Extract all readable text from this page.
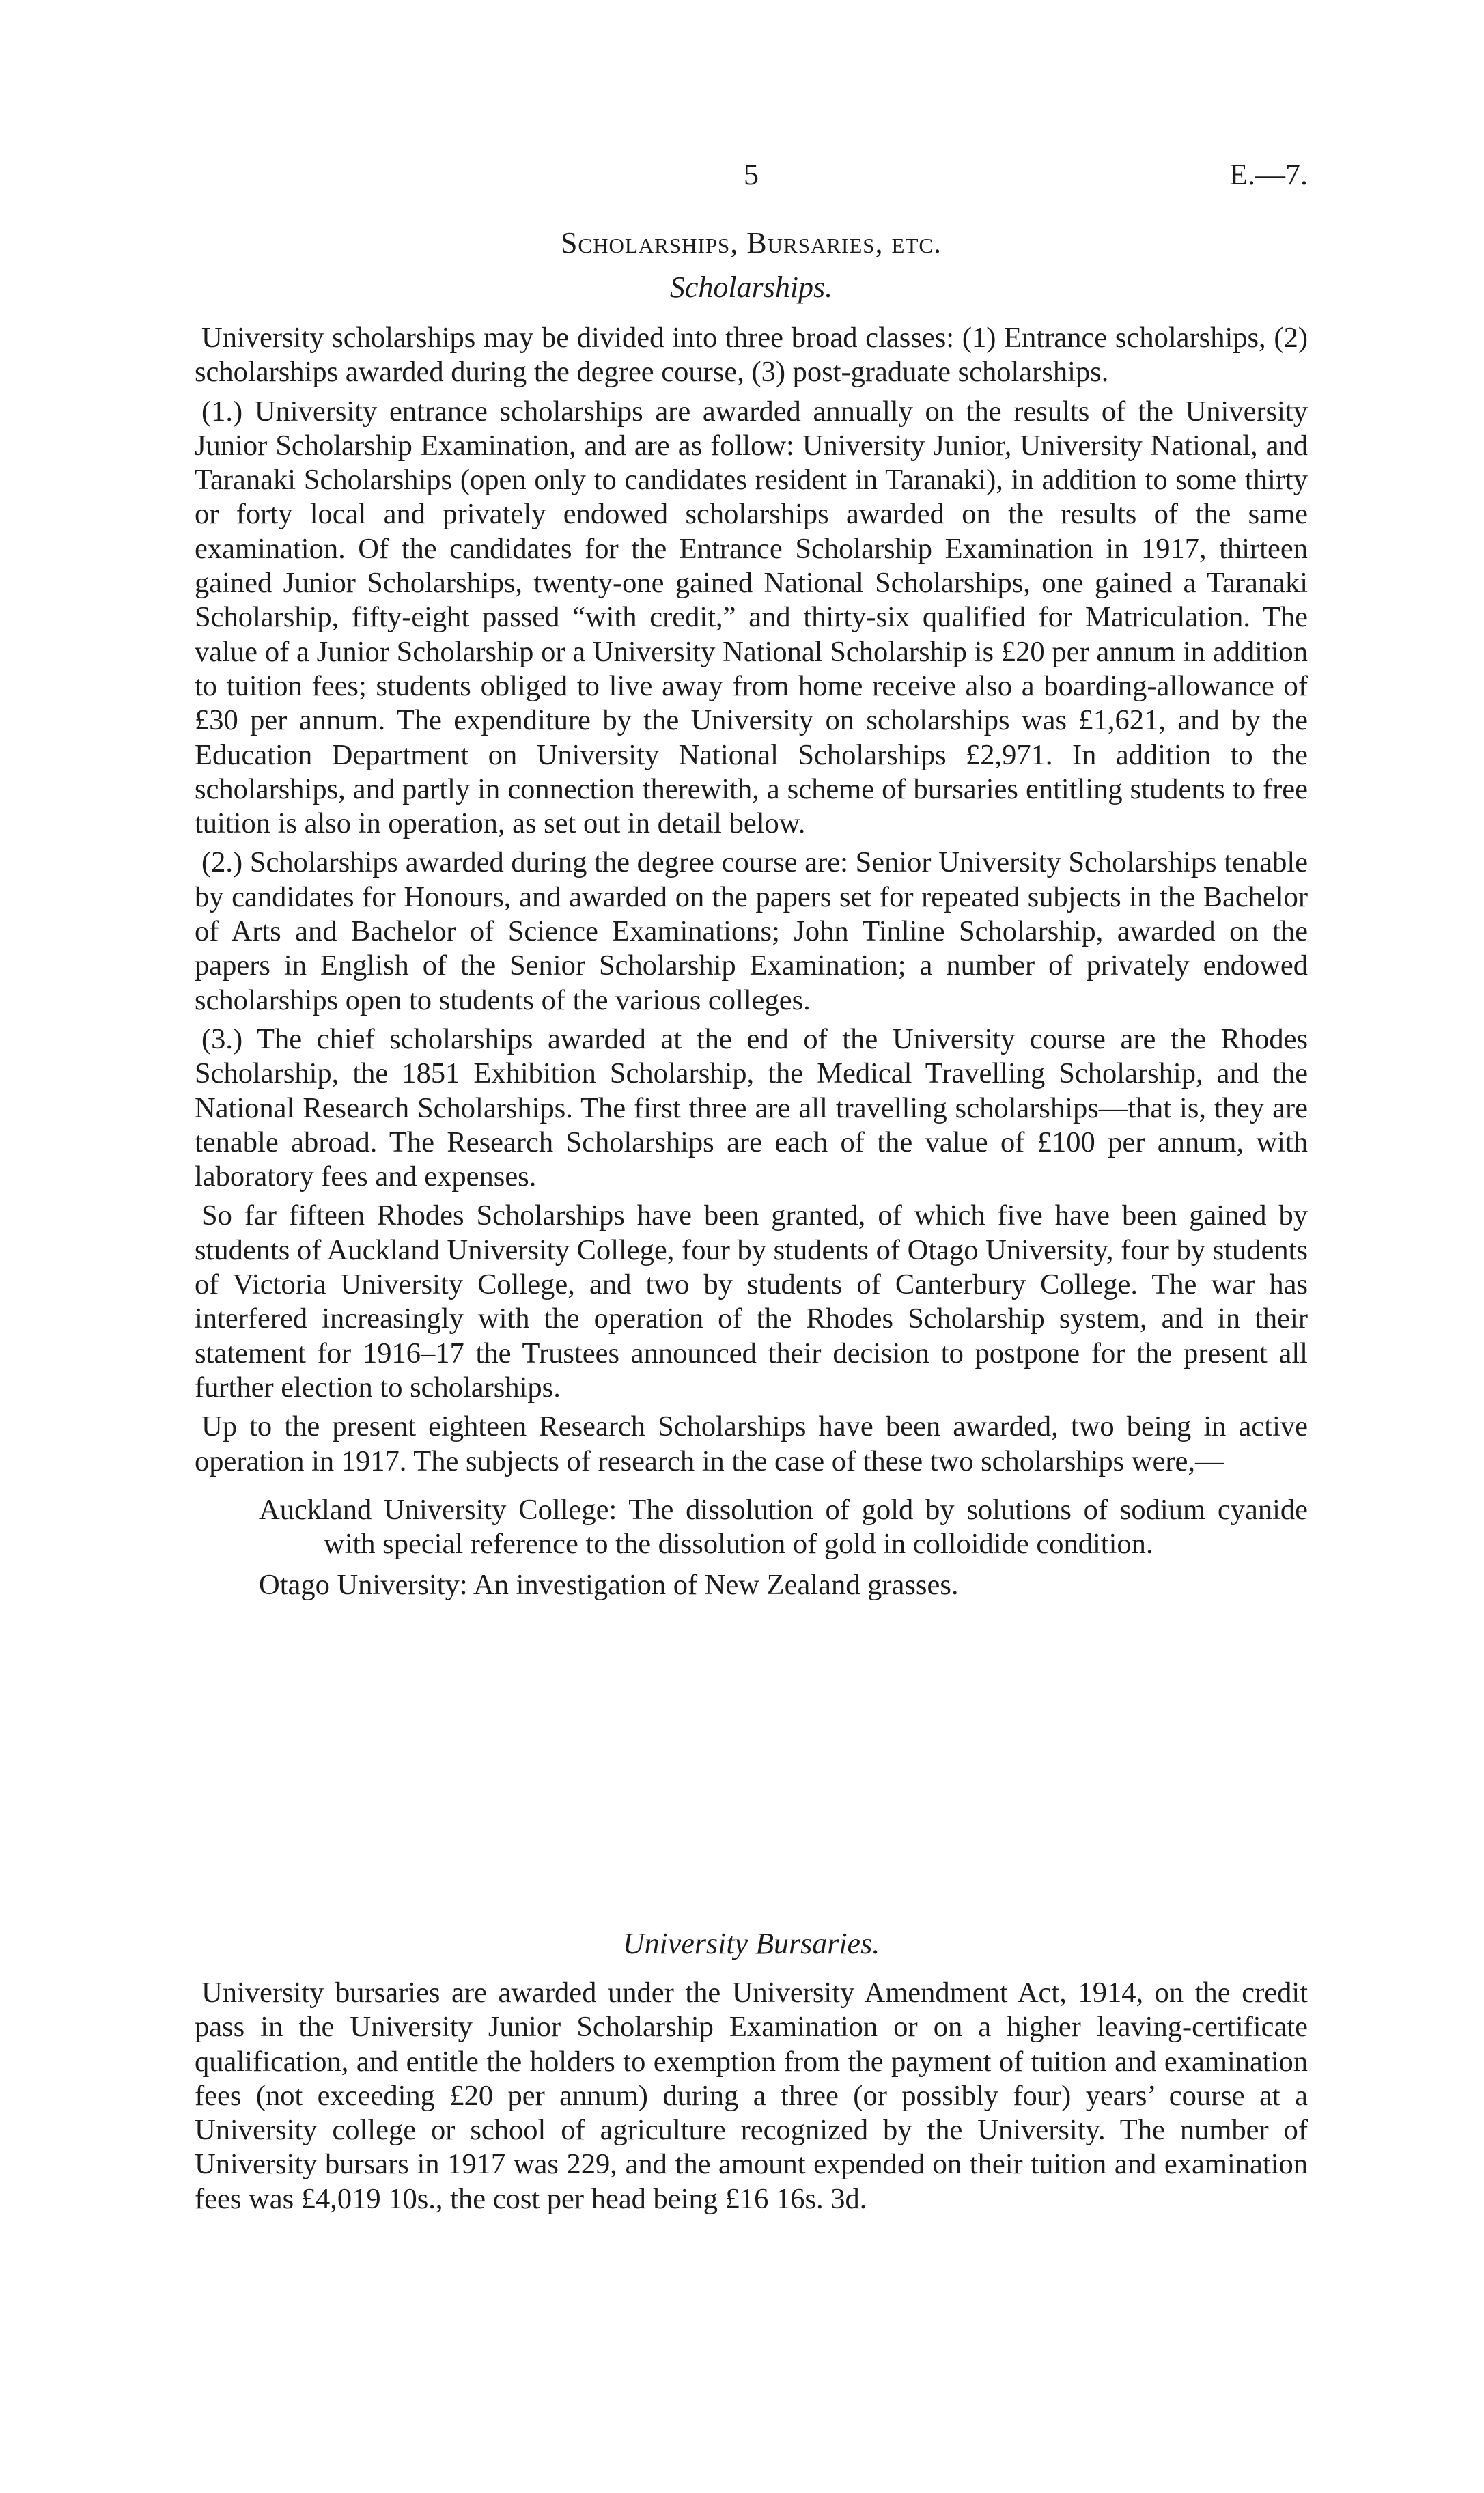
5	E.—7.
Scholarships, Bursaries, etc.
Scholarships.

University scholarships may be divided into three broad classes: (1) Entrance scholarships, (2) scholarships awarded during the degree course, (3) post-graduate scholarships.

(1.) University entrance scholarships are awarded annually on the results of the University Junior Scholarship Examination, and are as follow: University Junior, University National, and Taranaki Scholarships (open only to candidates resident in Taranaki), in addition to some thirty or forty local and privately endowed scholarships awarded on the results of the same examination. Of the candidates for the Entrance Scholarship Examination in 1917, thirteen gained Junior Scholarships, twenty-one gained National Scholarships, one gained a Taranaki Scholarship, fifty-eight passed “with credit,” and thirty-six qualified for Matriculation. The value of a Junior Scholarship or a University National Scholarship is £20 per annum in addition to tuition fees; students obliged to live away from home receive also a boarding-allowance of £30 per annum. The expenditure by the University on scholarships was £1,621, and by the Education Department on University National Scholarships £2,971. In addition to the scholarships, and partly in connection therewith, a scheme of bursaries entitling students to free tuition is also in operation, as set out in detail below.

(2.) Scholarships awarded during the degree course are: Senior University Scholarships tenable by candidates for Honours, and awarded on the papers set for repeated subjects in the Bachelor of Arts and Bachelor of Science Examinations; John Tinline Scholarship, awarded on the papers in English of the Senior Scholarship Examination; a number of privately endowed scholarships open to students of the various colleges.

(3.) The chief scholarships awarded at the end of the University course are the Rhodes Scholarship, the 1851 Exhibition Scholarship, the Medical Travelling Scholarship, and the National Research Scholarships. The first three are all travelling scholarships—that is, they are tenable abroad. The Research Scholarships are each of the value of £100 per annum, with laboratory fees and expenses.

So far fifteen Rhodes Scholarships have been granted, of which five have been gained by students of Auckland University College, four by students of Otago University, four by students of Victoria University College, and two by students of Canterbury College. The war has interfered increasingly with the operation of the Rhodes Scholarship system, and in their statement for 1916–17 the Trustees announced their decision to postpone for the present all further election to scholarships.

Up to the present eighteen Research Scholarships have been awarded, two being in active operation in 1917. The subjects of research in the case of these two scholarships were,—

Auckland University College: The dissolution of gold by solutions of sodium cyanide with special reference to the dissolution of gold in colloidide condition.
Otago University: An investigation of New Zealand grasses.
University Bursaries.

University bursaries are awarded under the University Amendment Act, 1914, on the credit pass in the University Junior Scholarship Examination or on a higher leaving-certificate qualification, and entitle the holders to exemption from the payment of tuition and examination fees (not exceeding £20 per annum) during a three (or possibly four) years’ course at a University college or school of agriculture recognized by the University. The number of University bursars in 1917 was 229, and the amount expended on their tuition and examination fees was £4,019 10s., the cost per head being £16 16s. 3d.
